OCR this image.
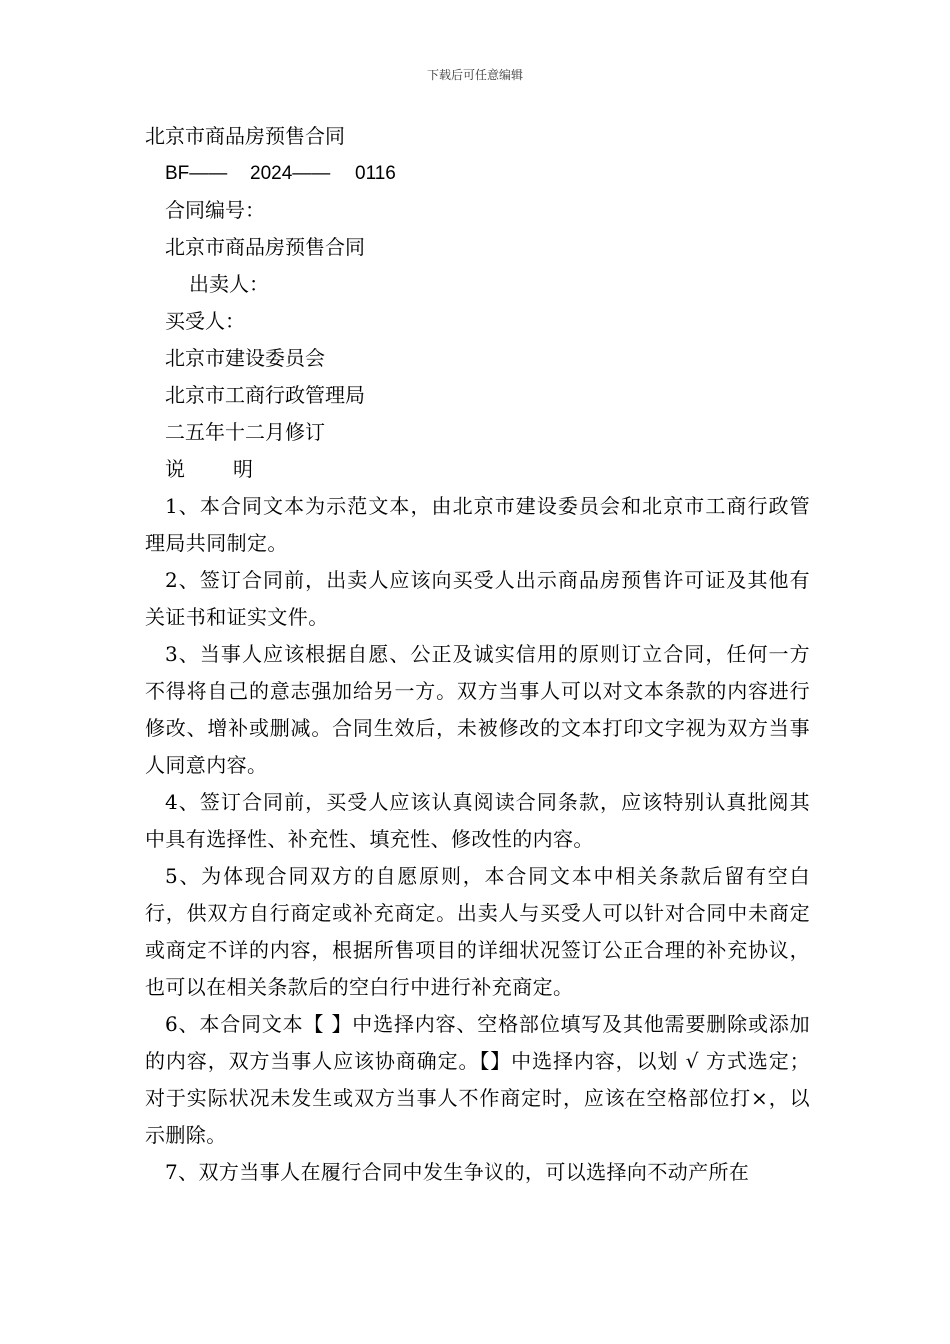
下载后可任意编辑
北京市商品房预售合同
BF—— 2024—— 0116
合同编号：
北京市商品房预售合同
出卖人：
买受人：
北京市建设委员会
北京市工商行政管理局
二五年十二月修订
说 明

1、本合同文本为示范文本，由北京市建设委员会和北京市工商行政管理局共同制定。

2、签订合同前，出卖人应该向买受人出示商品房预售许可证及其他有关证书和证实文件。

3、当事人应该根据自愿、公正及诚实信用的原则订立合同，任何一方不得将自己的意志强加给另一方。双方当事人可以对文本条款的内容进行修改、增补或删减。合同生效后，未被修改的文本打印文字视为双方当事人同意内容。

4、签订合同前，买受人应该认真阅读合同条款，应该特别认真批阅其中具有选择性、补充性、填充性、修改性的内容。

5、为体现合同双方的自愿原则，本合同文本中相关条款后留有空白行，供双方自行商定或补充商定。出卖人与买受人可以针对合同中未商定或商定不详的内容，根据所售项目的详细状况签订公正合理的补充协议，也可以在相关条款后的空白行中进行补充商定。

6、本合同文本【 】中选择内容、空格部位填写及其他需要删除或添加的内容，双方当事人应该协商确定。【】中选择内容，以划 √ 方式选定；对于实际状况未发生或双方当事人不作商定时，应该在空格部位打×，以示删除。

7、双方当事人在履行合同中发生争议的，可以选择向不动产所在
